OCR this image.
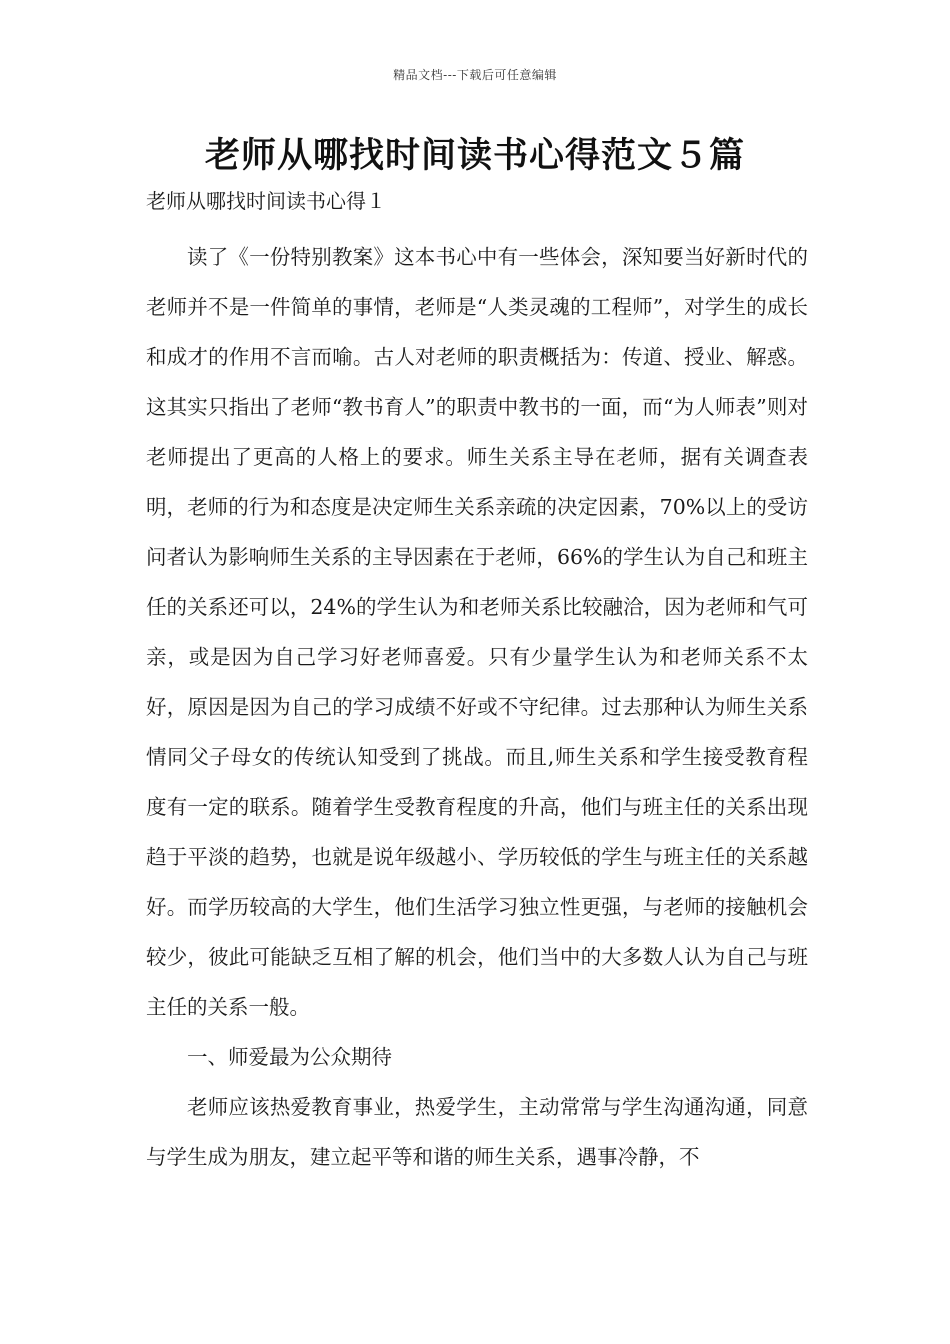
精品文档---下载后可任意编辑
老师从哪找时间读书心得范文５篇
老师从哪找时间读书心得１

读了《一份特别教案》这本书心中有一些体会，深知要当好新时代的老师并不是一件简单的事情，老师是“人类灵魂的工程师”，对学生的成长和成才的作用不言而喻。古人对老师的职责概括为：传道、授业、解惑。这其实只指出了老师“教书育人”的职责中教书的一面，而“为人师表”则对老师提出了更高的人格上的要求。师生关系主导在老师，据有关调查表明，老师的行为和态度是决定师生关系亲疏的决定因素，70%以上的受访问者认为影响师生关系的主导因素在于老师，66%的学生认为自己和班主任的关系还可以，24%的学生认为和老师关系比较融洽，因为老师和气可亲，或是因为自己学习好老师喜爱。只有少量学生认为和老师关系不太好，原因是因为自己的学习成绩不好或不守纪律。过去那种认为师生关系情同父子母女的传统认知受到了挑战。而且,师生关系和学生接受教育程度有一定的联系。随着学生受教育程度的升高，他们与班主任的关系出现趋于平淡的趋势，也就是说年级越小、学历较低的学生与班主任的关系越好。而学历较高的大学生，他们生活学习独立性更强，与老师的接触机会较少，彼此可能缺乏互相了解的机会，他们当中的大多数人认为自己与班主任的关系一般。

一、师爱最为公众期待

老师应该热爱教育事业，热爱学生，主动常常与学生沟通沟通，同意与学生成为朋友，建立起平等和谐的师生关系，遇事冷静，不
